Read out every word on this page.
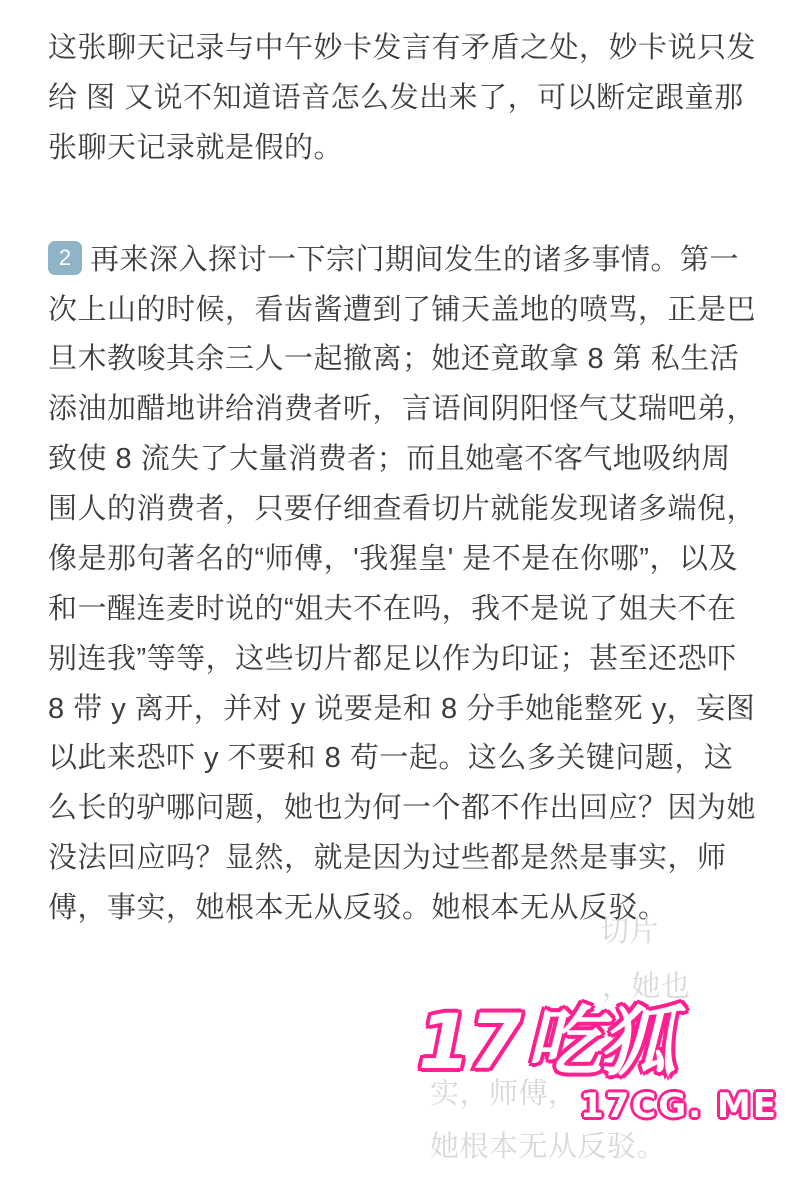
这张聊天记录与中午妙卡发言有矛盾之处，妙卡说只发给 图 又说不知道语音怎么发出来了，可以断定跟童那张聊天记录就是假的。

2 再来深入探讨一下宗门期间发生的诸多事情。第一次上山的时候，看齿酱遭到了铺天盖地的喷骂，正是巴旦木教唆其余三人一起撤离；她还竟敢拿 8 第 私生活添油加醋地讲给消费者听，言语间阴阳怪气艾瑞吧弟，致使 8 流失了大量消费者；而且她毫不客气地吸纳周围人的消费者，只要仔细查看切片就能发现诸多端倪，像是那句著名的“师傅，'我猩皇' 是不是在你哪”，以及和一醒连麦时说的“姐夫不在吗，我不是说了姐夫不在别连我”等等，这些切片都足以作为印证；甚至还恐吓 8 带 y 离开，并对 y 说要是和 8 分手她能整死 y，妄图以此来恐吓 y 不要和 8 苟一起。这么多关键问题，这么长的驴哪问题，她也为何一个都不作出回应？因为她没法回应吗？显然，就是因为过些都是然是事实，师傅，事实，她根本无从反驳。她根本无从反驳。

切片
，她也
实，师傅，
她根本无从反驳。
17吃狐
17CG. ME
